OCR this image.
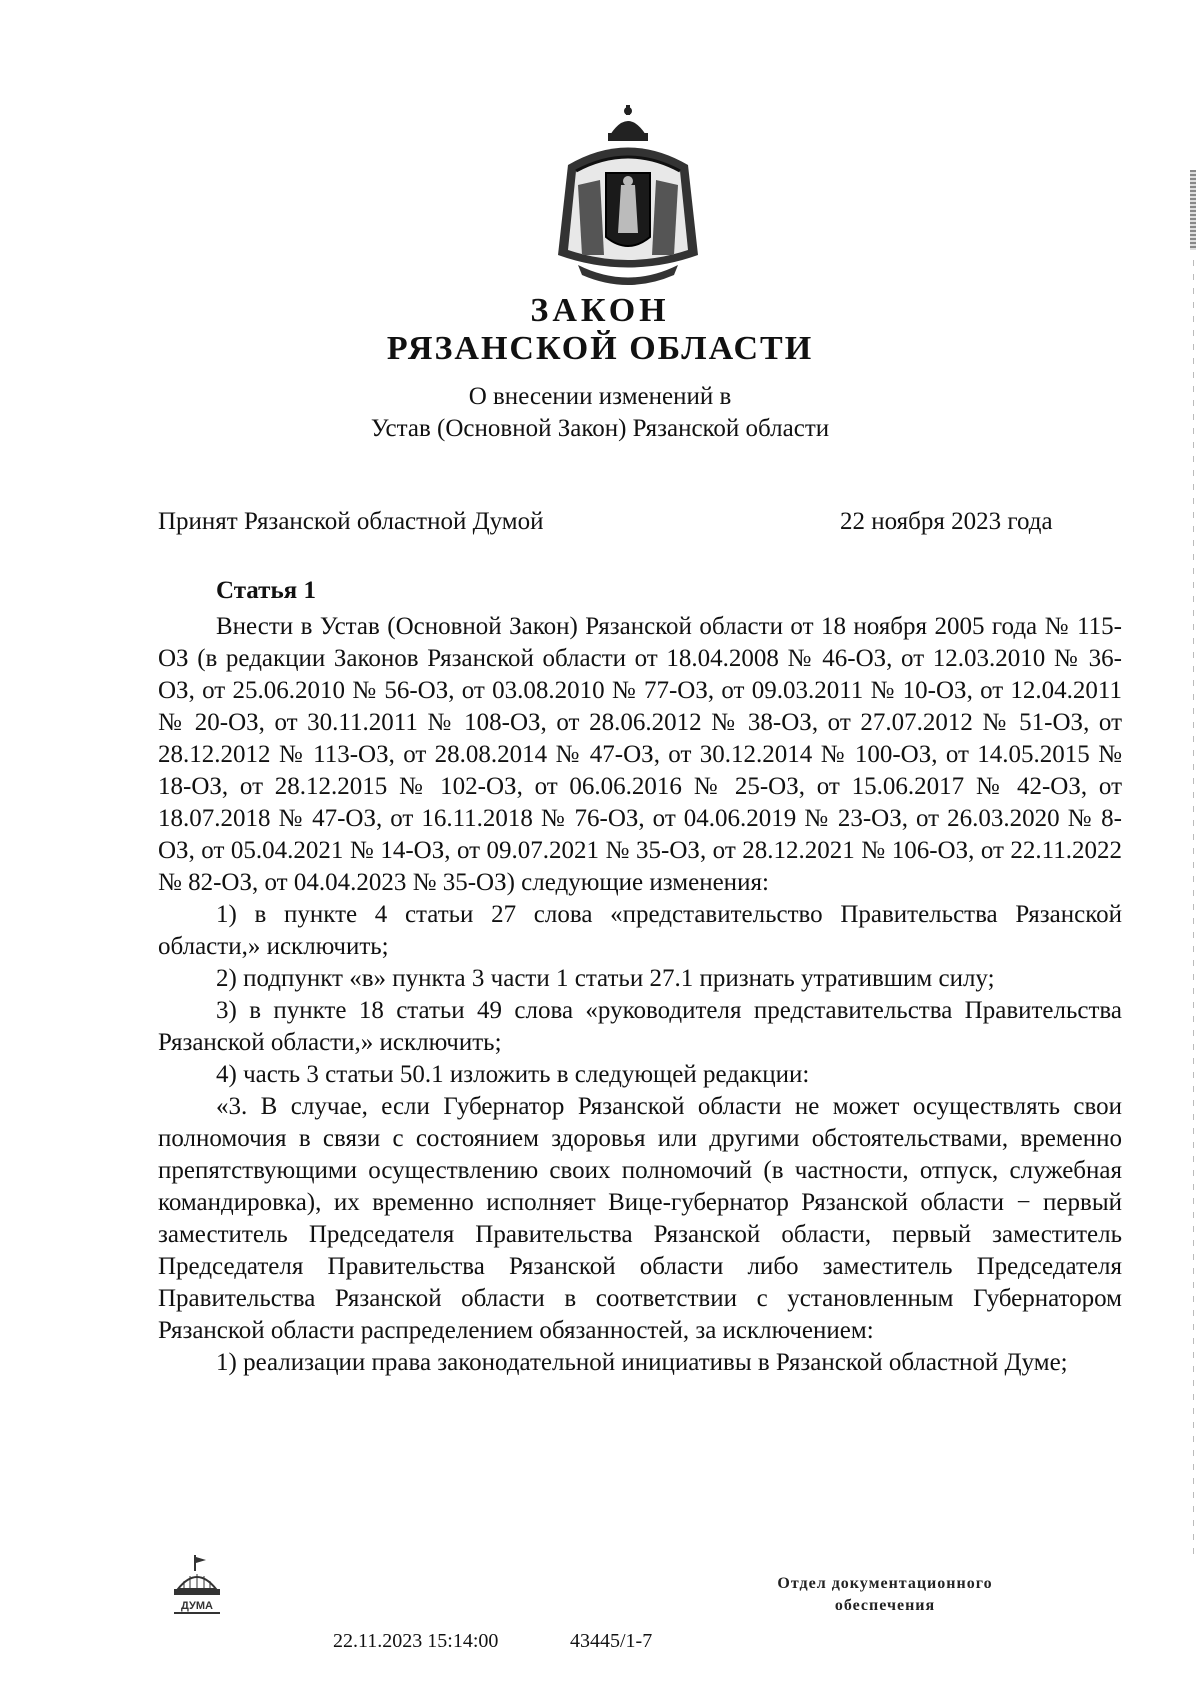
ЗАКОН
РЯЗАНСКОЙ ОБЛАСТИ
О внесении изменений в
Устав (Основной Закон) Рязанской области
Принят Рязанской областной Думой	22 ноября 2023 года
Статья 1

Внести в Устав (Основной Закон) Рязанской области от 18 ноября 2005 года № 115-ОЗ (в редакции Законов Рязанской области от 18.04.2008 № 46-ОЗ, от 12.03.2010 № 36-ОЗ, от 25.06.2010 № 56-ОЗ, от 03.08.2010 № 77-ОЗ, от 09.03.2011 № 10-ОЗ, от 12.04.2011 № 20-ОЗ, от 30.11.2011 № 108-ОЗ, от 28.06.2012 № 38-ОЗ, от 27.07.2012 № 51-ОЗ, от 28.12.2012 № 113-ОЗ, от 28.08.2014 № 47-ОЗ, от 30.12.2014 № 100-ОЗ, от 14.05.2015 № 18-ОЗ, от 28.12.2015 № 102-ОЗ, от 06.06.2016 № 25-ОЗ, от 15.06.2017 № 42-ОЗ, от 18.07.2018 № 47-ОЗ, от 16.11.2018 № 76-ОЗ, от 04.06.2019 № 23-ОЗ, от 26.03.2020 № 8-ОЗ, от 05.04.2021 № 14-ОЗ, от 09.07.2021 № 35-ОЗ, от 28.12.2021 № 106-ОЗ, от 22.11.2022 № 82-ОЗ, от 04.04.2023 № 35-ОЗ) следующие изменения:

1) в пункте 4 статьи 27 слова «представительство Правительства Рязанской области,» исключить;

2) подпункт «в» пункта 3 части 1 статьи 27.1 признать утратившим силу;

3) в пункте 18 статьи 49 слова «руководителя представительства Правительства Рязанской области,» исключить;

4) часть 3 статьи 50.1 изложить в следующей редакции:

«3. В случае, если Губернатор Рязанской области не может осуществлять свои полномочия в связи с состоянием здоровья или другими обстоятельствами, временно препятствующими осуществлению своих полномочий (в частности, отпуск, служебная командировка), их временно исполняет Вице-губернатор Рязанской области − первый заместитель Председателя Правительства Рязанской области, первый заместитель Председателя Правительства Рязанской области либо заместитель Председателя Правительства Рязанской области в соответствии с установленным Губернатором Рязанской области распределением обязанностей, за исключением:

1) реализации права законодательной инициативы в Рязанской областной Думе;

ДУМА
22.11.2023 15:14:00	43445/1-7
Отдел документационного
обеспечения
